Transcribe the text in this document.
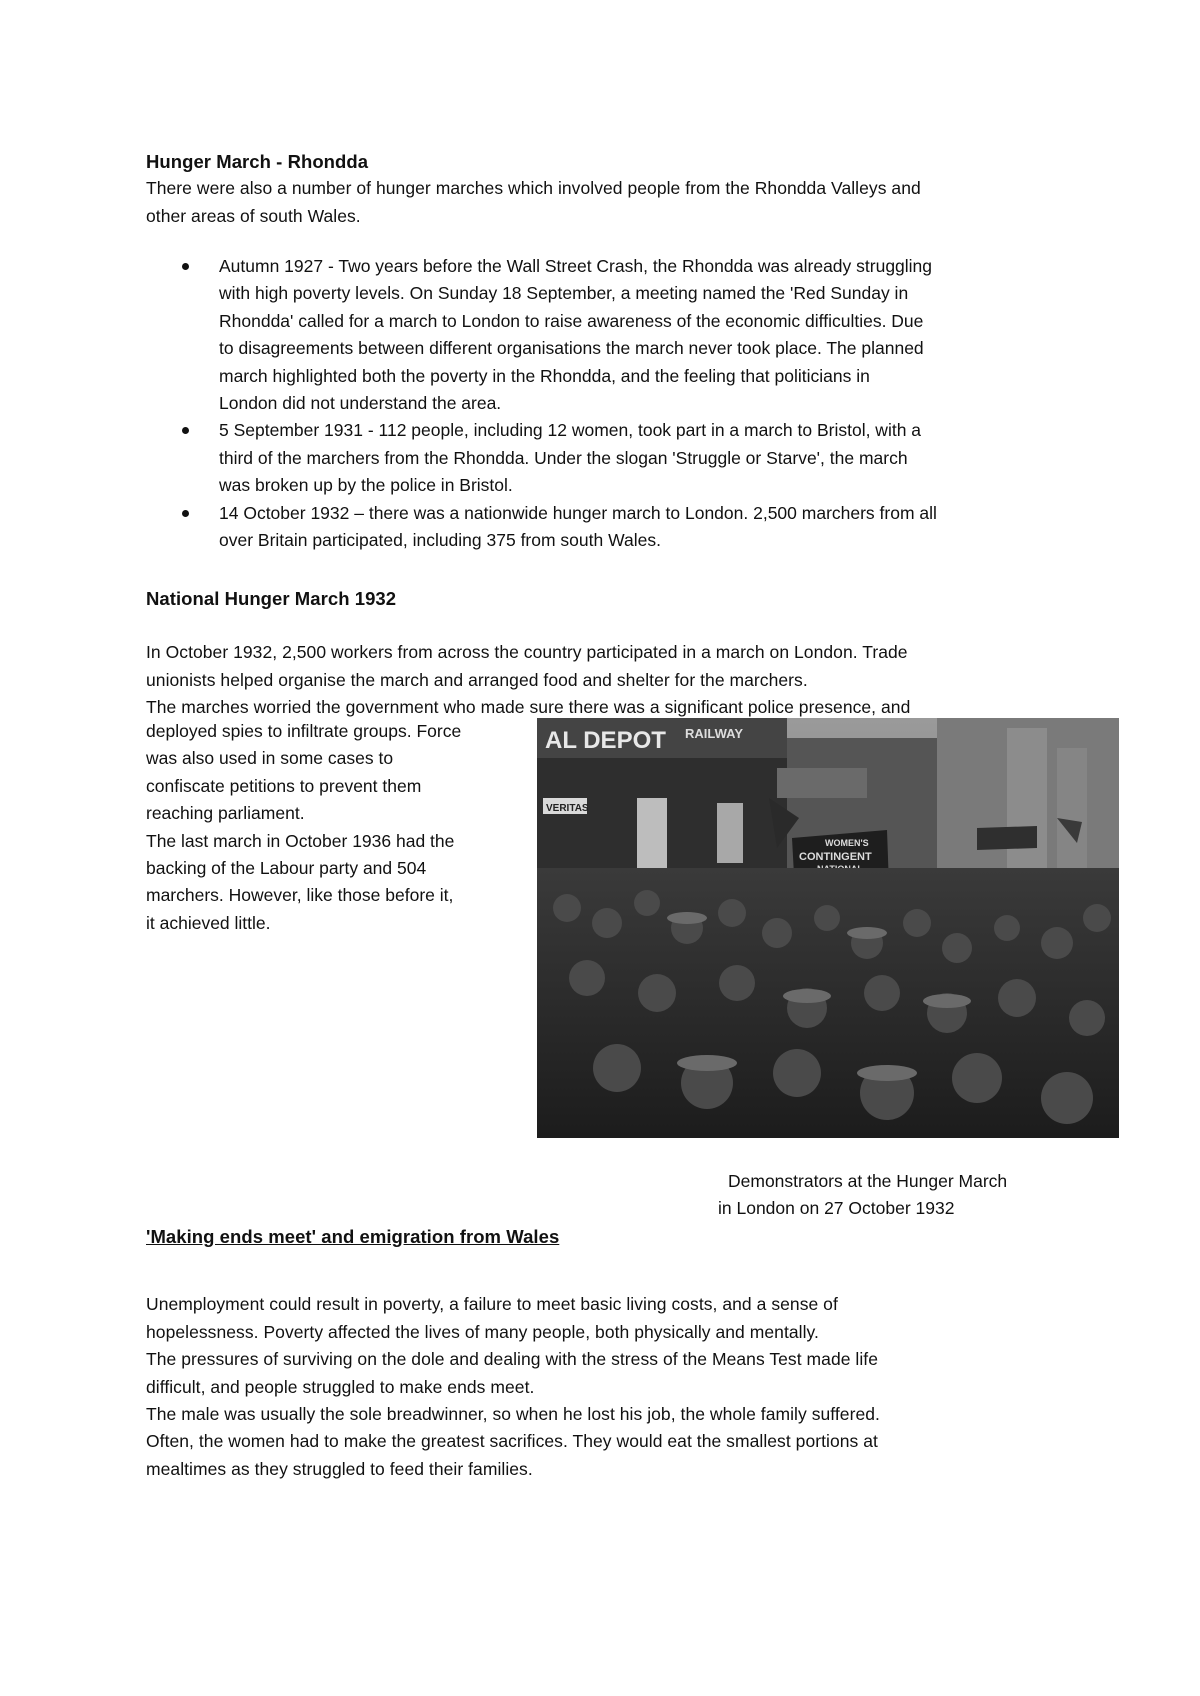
Hunger March - Rhondda
There were also a number of hunger marches which involved people from the Rhondda Valleys and
other areas of south Wales.
Autumn 1927 - Two years before the Wall Street Crash, the Rhondda was already struggling
with high poverty levels. On Sunday 18 September, a meeting named the 'Red Sunday in
Rhondda' called for a march to London to raise awareness of the economic difficulties. Due
to disagreements between different organisations the march never took place. The planned
march highlighted both the poverty in the Rhondda, and the feeling that politicians in
London did not understand the area.
5 September 1931 - 112 people, including 12 women, took part in a march to Bristol, with a
third of the marchers from the Rhondda. Under the slogan 'Struggle or Starve', the march
was broken up by the police in Bristol.
14 October 1932 – there was a nationwide hunger march to London. 2,500 marchers from all
over Britain participated, including 375 from south Wales.
National Hunger March 1932
In October 1932, 2,500 workers from across the country participated in a march on London. Trade
unionists helped organise the march and arranged food and shelter for the marchers.
The marches worried the government who made sure there was a significant police presence, and
deployed spies to infiltrate groups. Force
was also used in some cases to
confiscate petitions to prevent them
reaching parliament.
The last march in October 1936 had the
backing of the Labour party and 504
marchers. However, like those before it,
it achieved little.
AL DEPOT RAILWAY
VERITAS
WOMEN'S
CONTINGENT
Demonstrators at the Hunger March
in London on 27 October 1932
'Making ends meet' and emigration from Wales
Unemployment could result in poverty, a failure to meet basic living costs, and a sense of
hopelessness. Poverty affected the lives of many people, both physically and mentally.
The pressures of surviving on the dole and dealing with the stress of the Means Test made life
difficult, and people struggled to make ends meet.
The male was usually the sole breadwinner, so when he lost his job, the whole family suffered.
Often, the women had to make the greatest sacrifices. They would eat the smallest portions at
mealtimes as they struggled to feed their families.
